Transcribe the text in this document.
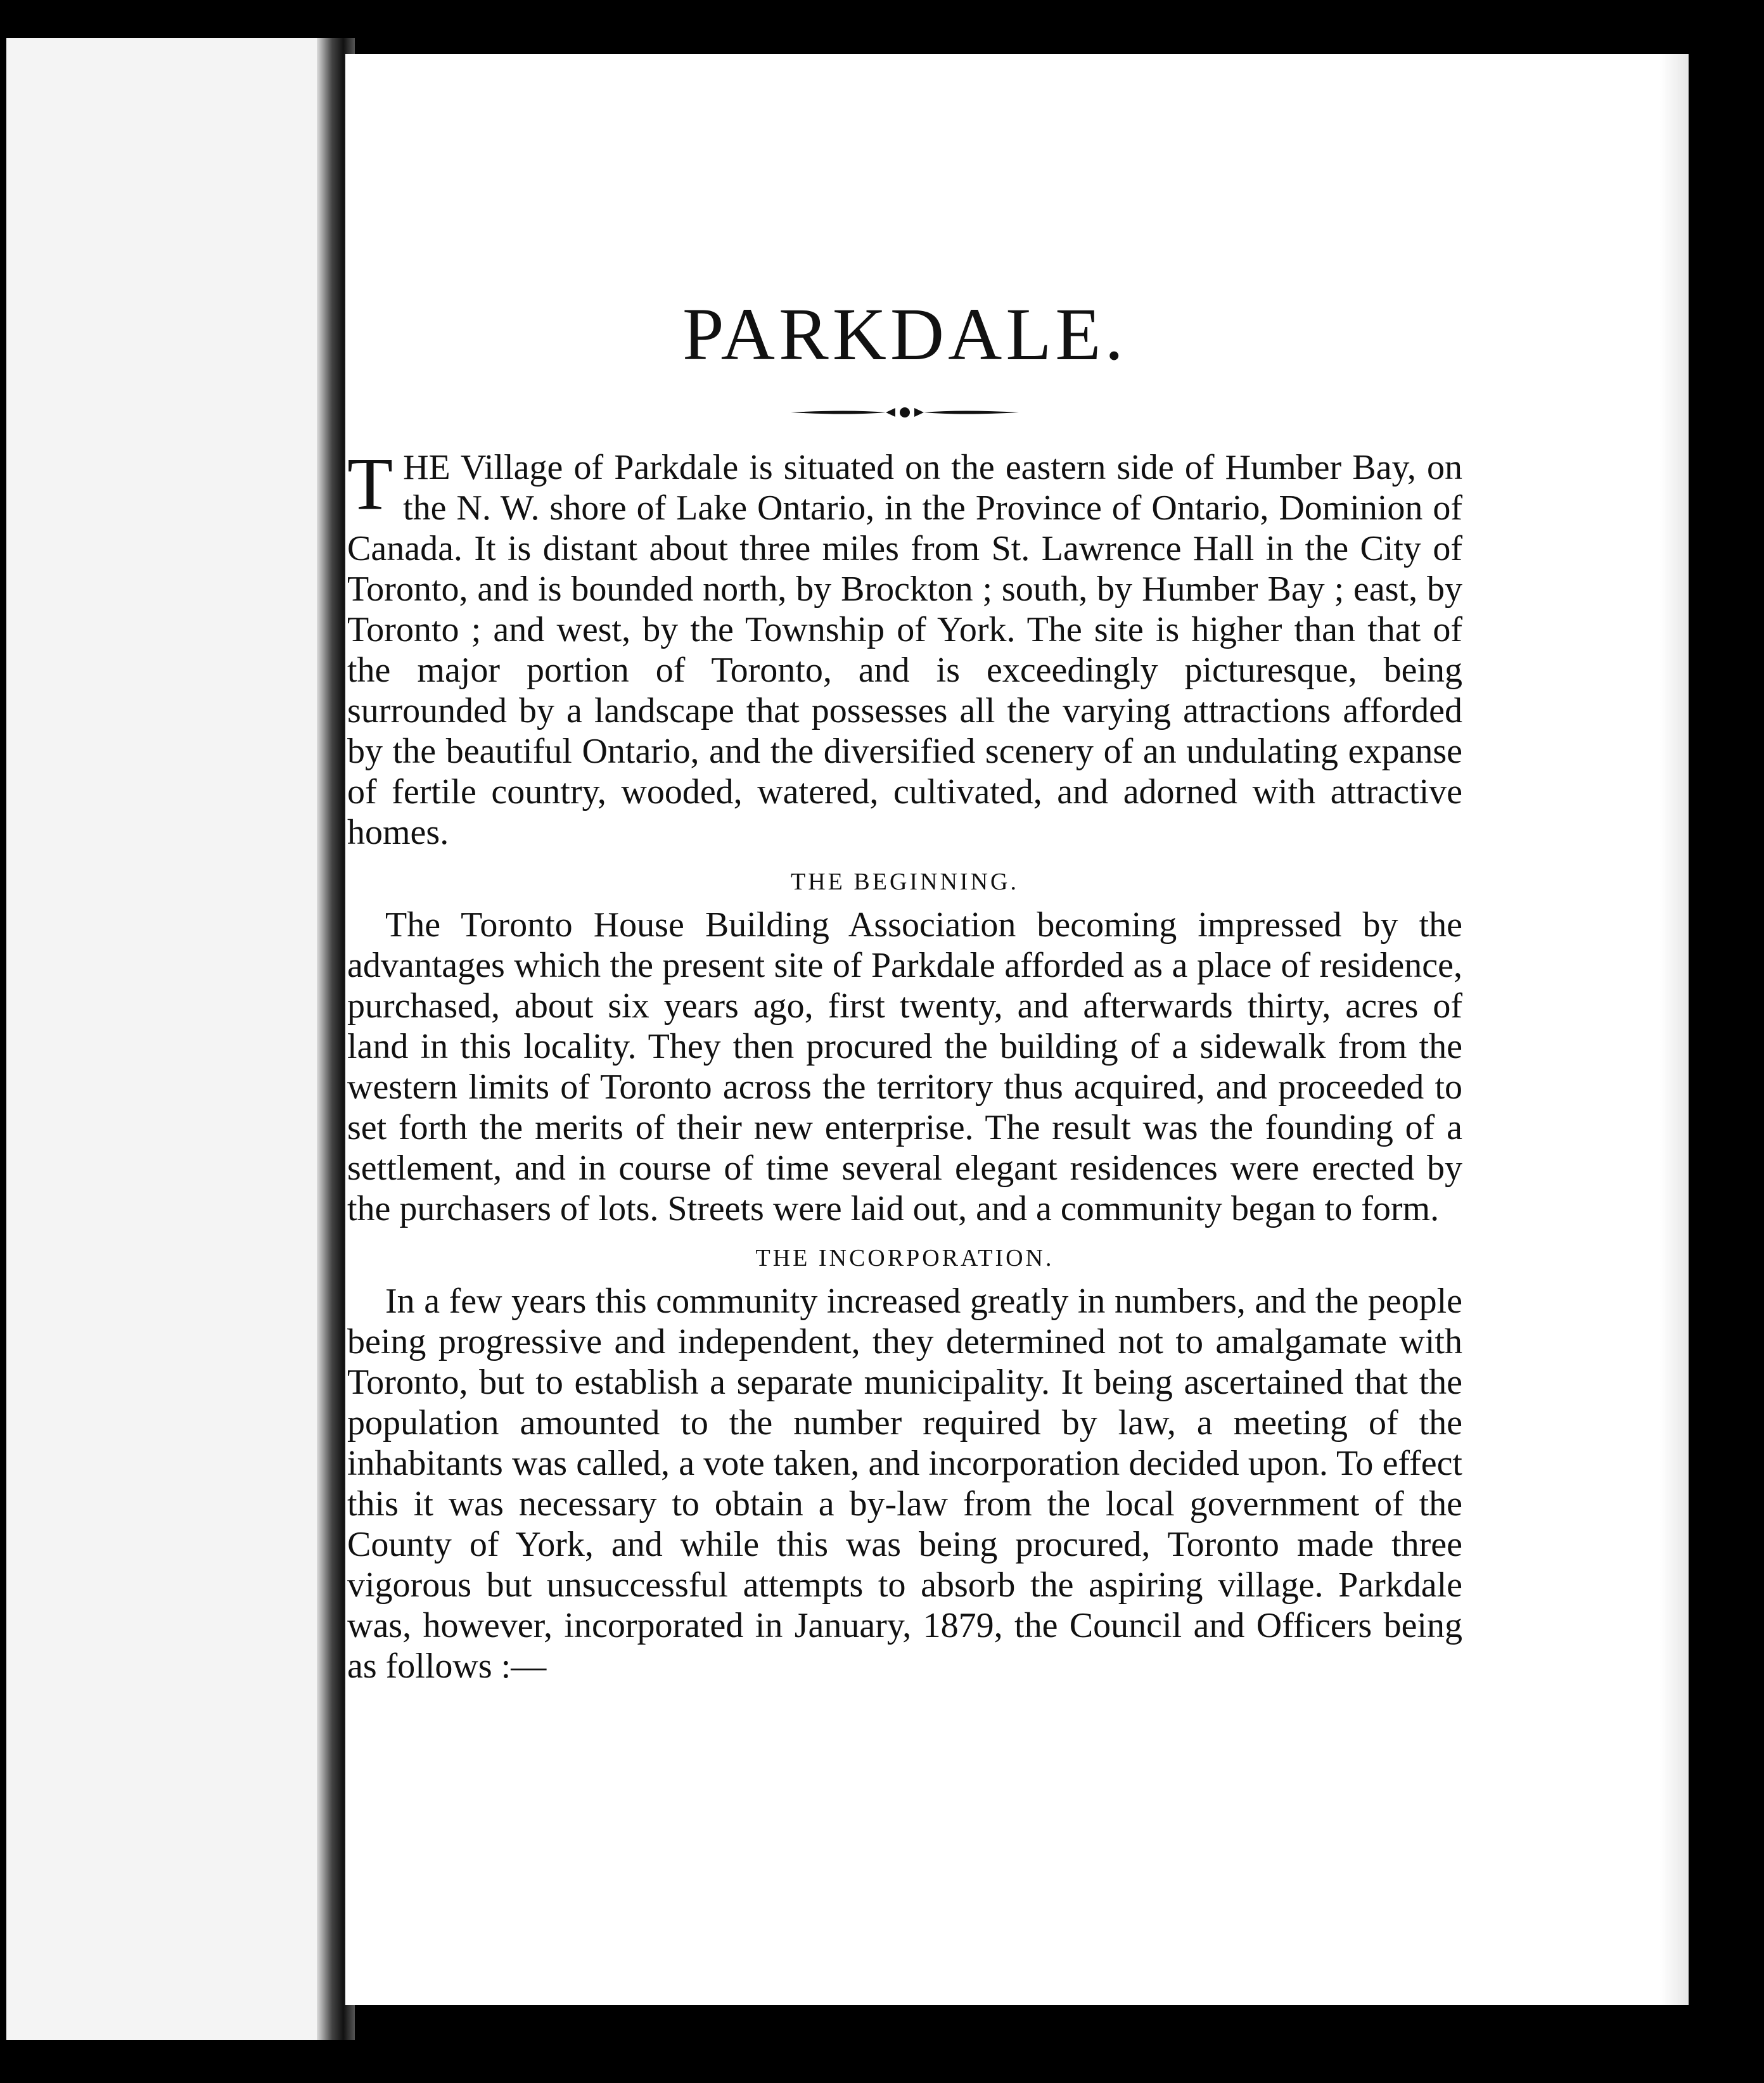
PARKDALE.

THE Village of Parkdale is situated on the eastern side of Humber Bay, on the N. W. shore of Lake Ontario, in the Province of Ontario, Dominion of Canada. It is distant about three miles from St. Lawrence Hall in the City of Toronto, and is bounded north, by Brockton ; south, by Humber Bay ; east, by Toronto ; and west, by the Township of York. The site is higher than that of the major portion of Toronto, and is exceedingly picturesque, being surrounded by a landscape that possesses all the varying attractions afforded by the beautiful Ontario, and the diversified scenery of an undulating expanse of fertile country, wooded, watered, cultivated, and adorned with attractive homes.

THE BEGINNING.

The Toronto House Building Association becoming impressed by the advantages which the present site of Parkdale afforded as a place of residence, purchased, about six years ago, first twenty, and afterwards thirty, acres of land in this locality. They then procured the building of a sidewalk from the western limits of Toronto across the territory thus acquired, and proceeded to set forth the merits of their new enterprise. The result was the founding of a settlement, and in course of time several elegant residences were erected by the purchasers of lots. Streets were laid out, and a community began to form.

THE INCORPORATION.

In a few years this community increased greatly in numbers, and the people being progressive and independent, they determined not to amalgamate with Toronto, but to establish a separate municipality. It being ascertained that the population amounted to the number required by law, a meeting of the inhabitants was called, a vote taken, and incorporation decided upon. To effect this it was necessary to obtain a by-law from the local government of the County of York, and while this was being procured, Toronto made three vigorous but unsuccessful attempts to absorb the aspiring village. Parkdale was, however, incorporated in January, 1879, the Council and Officers being as follows :—
